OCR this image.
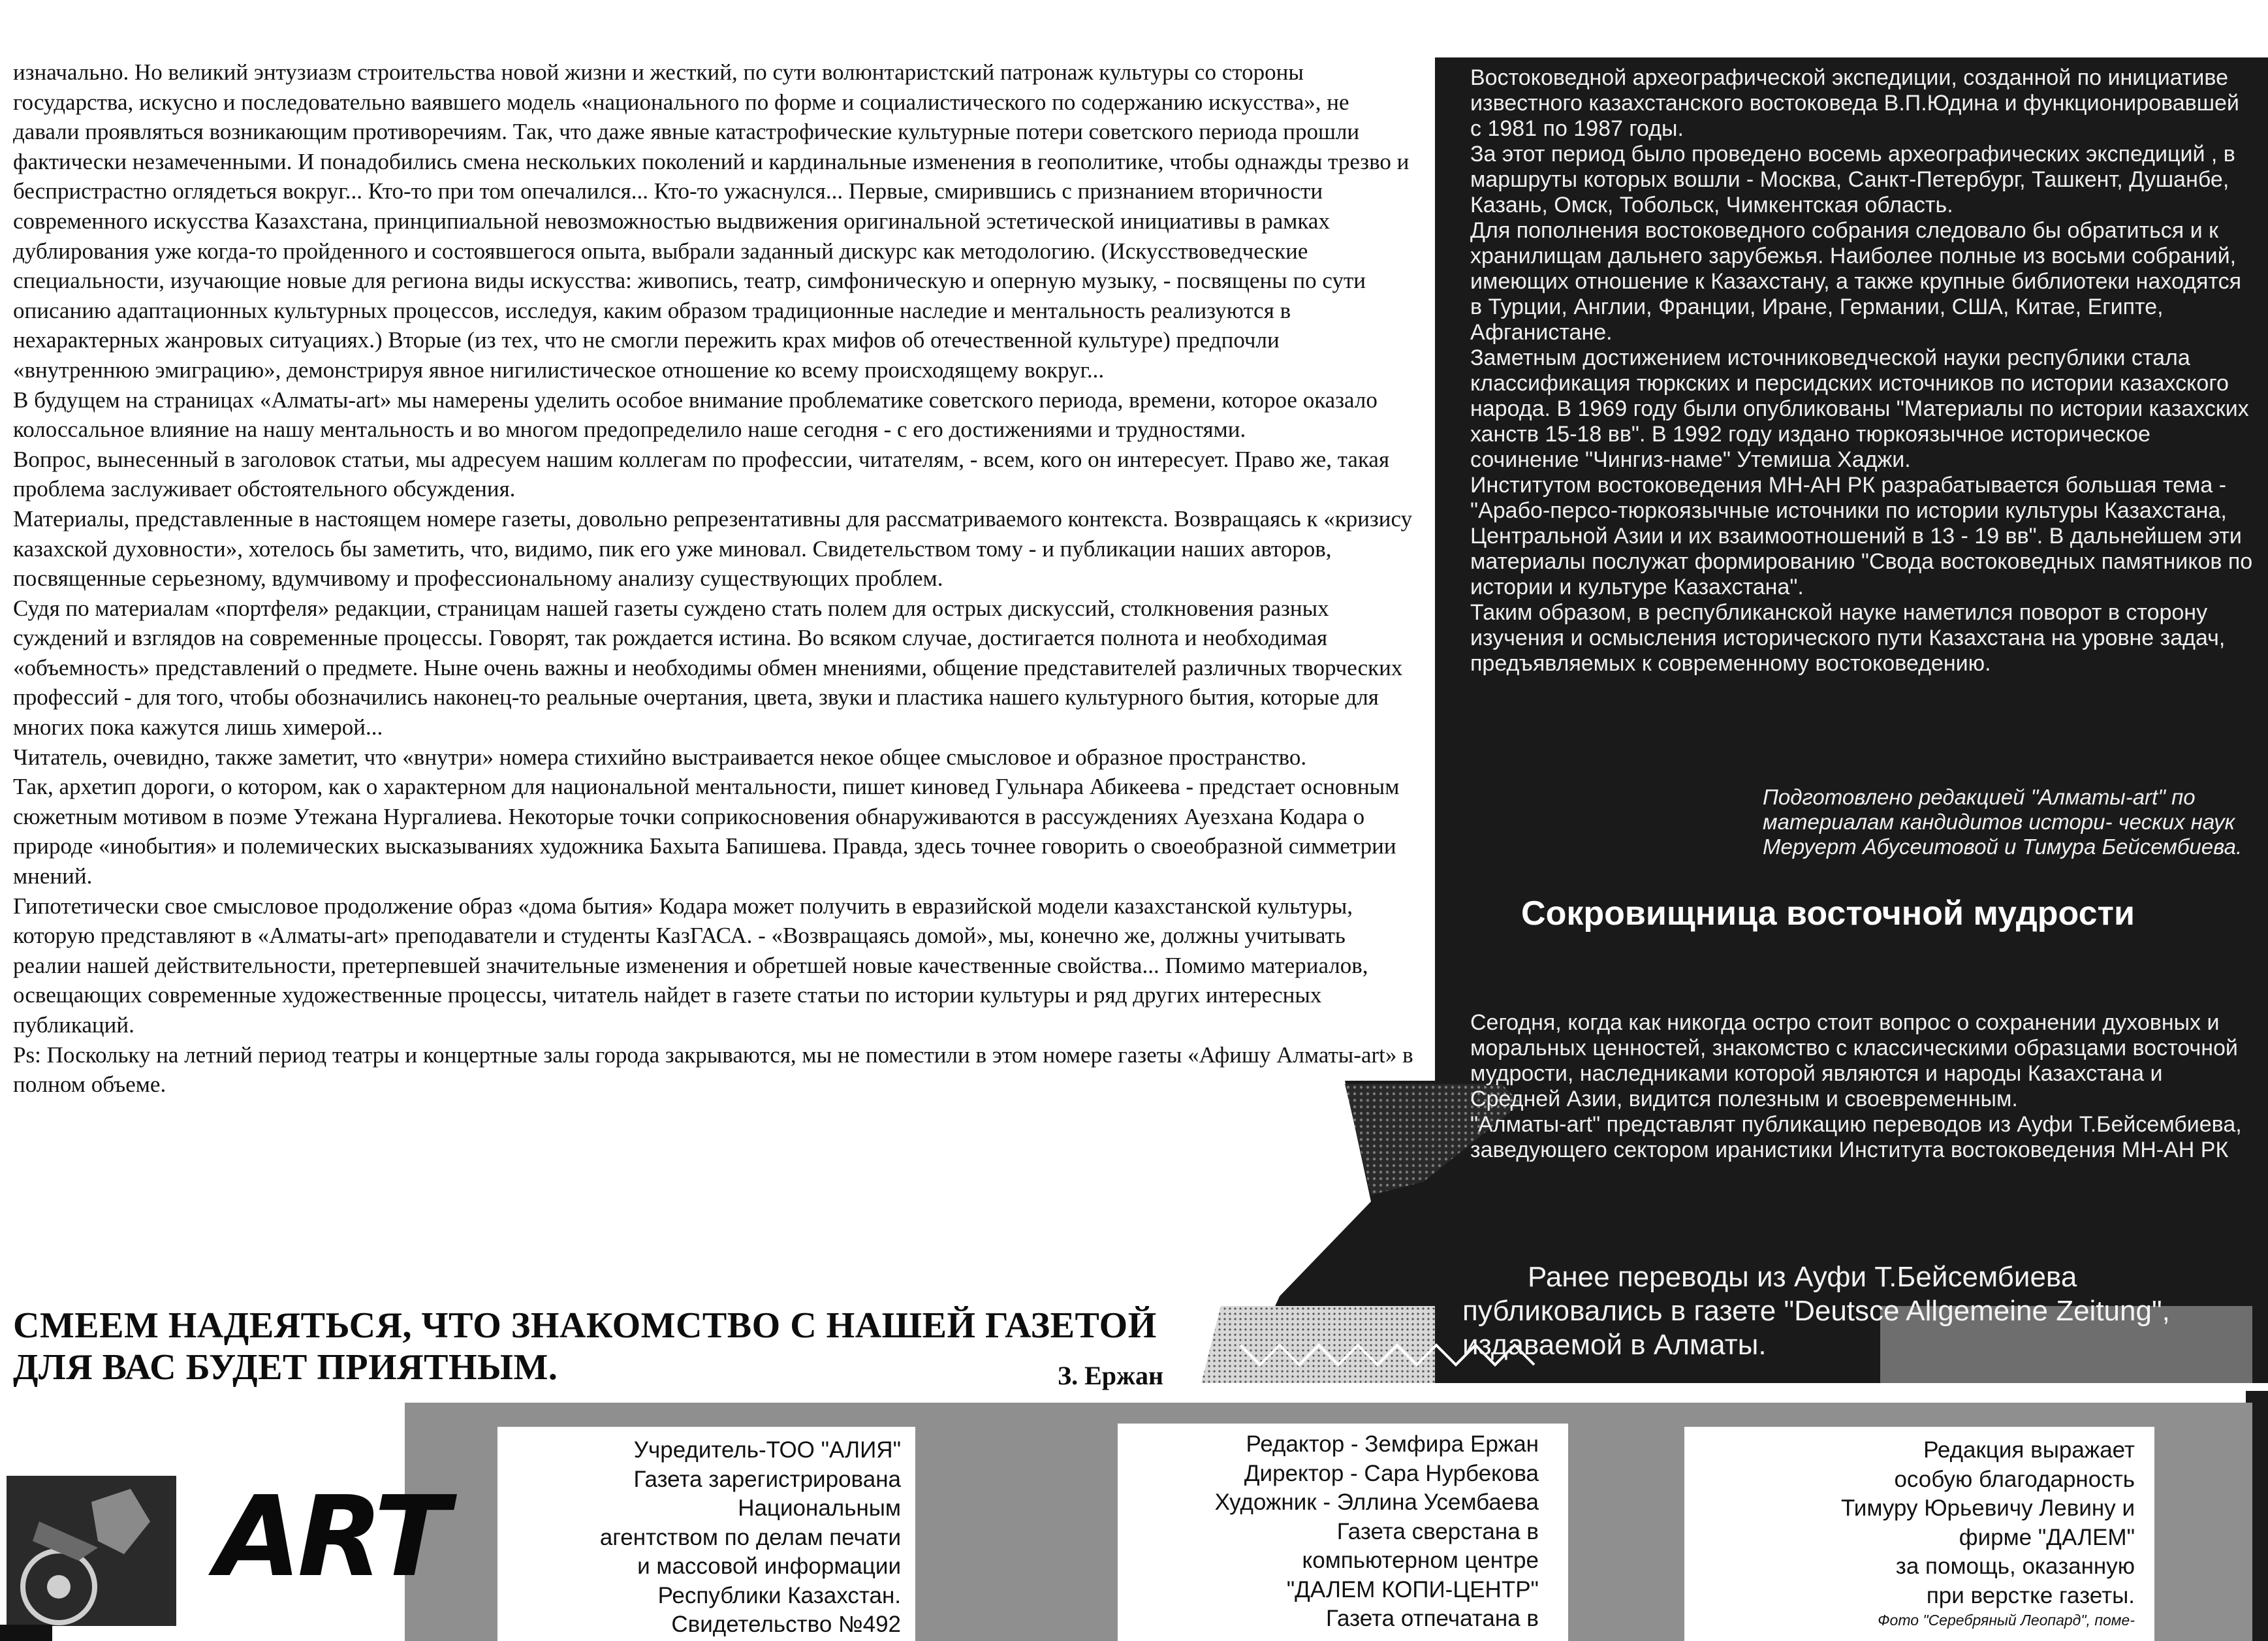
изначально. Но великий энтузиазм строительства новой жизни и жесткий, по сути волюнтаристский патронаж культуры со стороны государства, искусно и последовательно ваявшего модель «национального по форме и социалистического по содержанию искусства», не давали проявляться возникающим противоречиям. Так, что даже явные катастрофические культурные потери советского периода прошли фактически незамеченными. И понадобились смена нескольких поколений и кардинальные изменения в геополитике, чтобы однажды трезво и беспристрастно оглядеться вокруг... Кто-то при том опечалился... Кто-то ужаснулся... Первые, смирившись с признанием вторичности современного искусства Казахстана, принципиальной невозможностью выдвижения оригинальной эстетической инициативы в рамках дублирования уже когда-то пройденного и состоявшегося опыта, выбрали заданный дискурс как методологию. (Искусствоведческие специальности, изучающие новые для региона виды искусства: живопись, театр, симфоническую и оперную музыку, - посвящены по сути описанию адаптационных культурных процессов, исследуя, каким образом традиционные наследие и ментальность реализуются в нехарактерных жанровых ситуациях.) Вторые (из тех, что не смогли пережить крах мифов об отечественной культуре) предпочли «внутреннюю эмиграцию», демонстрируя явное нигилистическое отношение ко всему происходящему вокруг...

В будущем на страницах «Алматы-art» мы намерены уделить особое внимание проблематике советского периода, времени, которое оказало колоссальное влияние на нашу ментальность и во многом предопределило наше сегодня - с его достижениями и трудностями.

Вопрос, вынесенный в заголовок статьи, мы адресуем нашим коллегам по профессии, читателям, - всем, кого он интересует. Право же, такая проблема заслуживает обстоятельного обсуждения.

Материалы, представленные в настоящем номере газеты, довольно репрезентативны для рассматриваемого контекста. Возвращаясь к «кризису казахской духовности», хотелось бы заметить, что, видимо, пик его уже миновал. Свидетельством тому - и публикации наших авторов, посвященные серьезному, вдумчивому и профессиональному анализу существующих проблем.

Судя по материалам «портфеля» редакции, страницам нашей газеты суждено стать полем для острых дискуссий, столкновения разных суждений и взглядов на современные процессы. Говорят, так рождается истина. Во всяком случае, достигается полнота и необходимая «объемность» представлений о предмете. Ныне очень важны и необходимы обмен мнениями, общение представителей различных творческих профессий - для того, чтобы обозначились наконец-то реальные очертания, цвета, звуки и пластика нашего культурного бытия, которые для многих пока кажутся лишь химерой...

Читатель, очевидно, также заметит, что «внутри» номера стихийно выстраивается некое общее смысловое и образное пространство.

Так, архетип дороги, о котором, как о характерном для национальной ментальности, пишет киновед Гульнара Абикеева - предстает основным сюжетным мотивом в поэме Утежана Нургалиева. Некоторые точки соприкосновения обнаруживаются в рассуждениях Ауезхана Кодара о природе «инобытия» и полемических высказываниях художника Бахыта Бапишева. Правда, здесь точнее говорить о своеобразной симметрии мнений.

Гипотетически свое смысловое продолжение образ «дома бытия» Кодара может получить в евразийской модели казахстанской культуры, которую представляют в «Алматы-art» преподаватели и студенты КазГАСА. - «Возвращаясь домой», мы, конечно же, должны учитывать реалии нашей действительности, претерпевшей значительные изменения и обретшей новые качественные свойства... Помимо материалов, освещающих современные художественные процессы, читатель найдет в газете статьи по истории культуры и ряд других интересных публикаций.

Ps: Поскольку на летний период театры и концертные залы города закрываются, мы не поместили в этом номере газеты «Афишу Алматы-art» в полном объеме.

Востоковедной археографической экспедиции, созданной по инициативе известного казахстанского востоковеда В.П.Юдина и функционировавшей с 1981 по 1987 годы.

За этот период было проведено восемь археографических экспедиций , в маршруты которых вошли - Москва, Санкт-Петербург, Ташкент, Душанбе, Казань, Омск, Тобольск, Чимкентская область.

Для пополнения востоковедного собрания следовало бы обратиться и к хранилищам дальнего зарубежья. Наиболее полные из восьми собраний, имеющих отношение к Казахстану, а также крупные библиотеки находятся в Турции, Англии, Франции, Иране, Германии, США, Китае, Египте, Афганистане.

Заметным достижением источниковедческой науки республики стала классификация тюркских и персидских источников по истории казахского народа. В 1969 году были опубликованы "Материалы по истории казахских ханств 15-18 вв". В 1992 году издано тюркоязычное историческое сочинение "Чингиз-наме" Утемиша Хаджи.

Институтом востоковедения МН-АН РК разрабатывается большая тема - "Арабо-персо-тюркоязычные источники по истории культуры Казахстана, Центральной Азии и их взаимоотношений в 13 - 19 вв". В дальнейшем эти материалы послужат формированию "Свода востоковедных памятников по истории и культуре Казахстана".

Таким образом, в республиканской науке наметился поворот в сторону изучения и осмысления исторического пути Казахстана на уровне задач, предъявляемых к современному востоковедению.

Подготовлено редакцией "Алматы-art" по материалам кандидитов истори- ческих наук Меруерт Абусеитовой и Тимура Бейсембиева.
Сокровищница восточной мудрости

Сегодня, когда как никогда остро стоит вопрос о сохранении духовных и моральных ценностей, знакомство с классическими образцами восточной мудрости, наследниками которой являются и народы Казахстана и Средней Азии, видится полезным и своевременным.

"Алматы-art" представлят публикацию переводов из Ауфи Т.Бейсембиева, заведующего сектором иранистики Института востоковедения МН-АН РК

Ранее переводы из Ауфи Т.Бейсембиева публиковались в газете "Deutsce Allgemeine Zeitung", издаваемой в Алматы.
СМЕЕМ НАДЕЯТЬСЯ, ЧТО ЗНАКОМСТВО С НАШЕЙ ГАЗЕТОЙ
ДЛЯ ВАС БУДЕТ ПРИЯТНЫМ.	З. Ержан
ART
Учредитель-ТОО "АЛИЯ"
Газета зарегистрирована
Национальным
агентством по делам печати
и массовой информации
Республики Казахстан.
Свидетельство №492
Редактор - Земфира Ержан
Директор - Сара Нурбекова
Художник - Эллина Усембаева
Газета сверстана в
компьютерном центре
"ДАЛЕМ КОПИ-ЦЕНТР"
Газета отпечатана в
Редакция выражает
особую благодарность
Тимуру Юрьевичу Левину и
фирме "ДАЛЕМ"
за помощь, оказанную
при верстке газеты.
Фото "Серебряный Леопард", поме-
